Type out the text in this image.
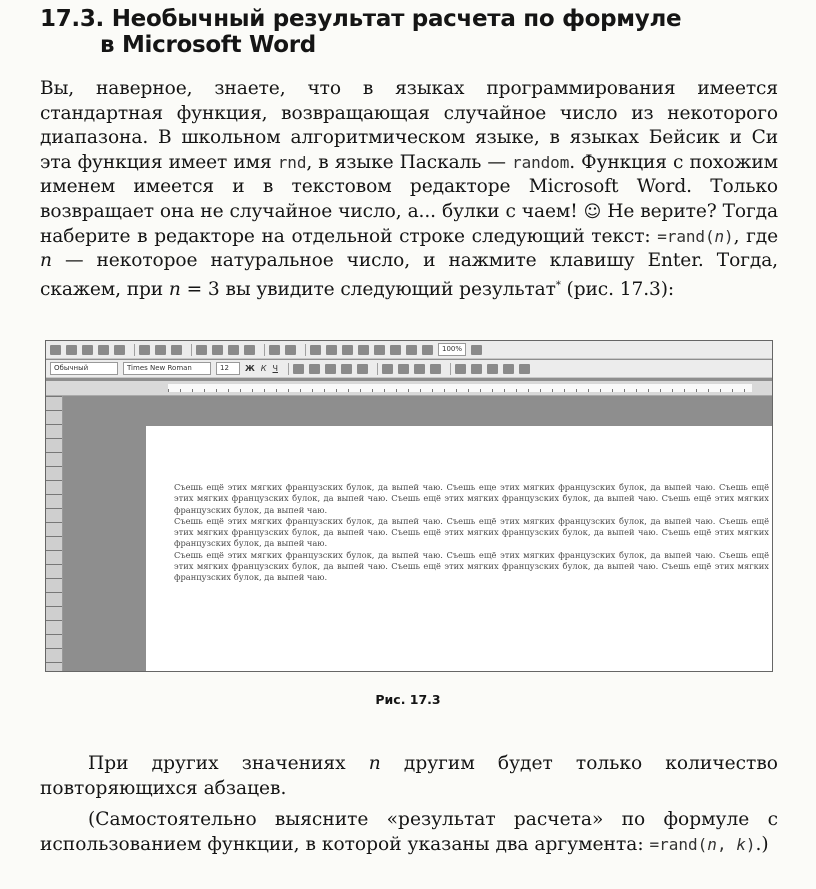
17.3. Необычный результат расчета по формуле
в Microsoft Word

Вы, наверное, знаете, что в языках программирования имеется стандартная функция, возвращающая случайное число из некоторого диапазона. В школьном алгоритмическом языке, в языках Бейсик и Си эта функция имеет имя rnd, в языке Паскаль — random. Функция с похожим именем имеется и в текстовом редакторе Microsoft Word. Только возвращает она не случайное число, а... булки с чаем! ☺ Не верите? Тогда наберите в редакторе на отдельной строке следующий текст: =rand(n), где n — некоторое натуральное число, и нажмите клавишу Enter. Тогда, скажем, при n = 3 вы увидите следующий результат* (рис. 17.3):

100%
Обычный	Times New Roman	12	Ж К Ч

Съешь ещё этих мягких французских булок, да выпей чаю. Съешь еще этих мягких французских булок, да выпей чаю. Съешь ещё этих мягких французских булок, да выпей чаю. Съешь ещё этих мягких французских булок, да выпей чаю. Съешь ещё этих мягких французских булок, да выпей чаю.

Съешь ещё этих мягких французских булок, да выпей чаю. Съешь ещё этих мягких французских булок, да выпей чаю. Съешь ещё этих мягких французских булок, да выпей чаю. Съешь ещё этих мягких французских булок, да выпей чаю. Съешь ещё этих мягких французских булок, да выпей чаю.

Съешь ещё этих мягких французских булок, да выпей чаю. Съешь ещё этих мягких французских булок, да выпей чаю. Съешь ещё этих мягких французских булок, да выпей чаю. Съешь ещё этих мягких французских булок, да выпей чаю. Съешь ещё этих мягких французских булок, да выпей чаю.

Рис. 17.3

При других значениях n другим будет только количество повторяющихся абзацев.

(Самостоятельно выясните «результат расчета» по формуле с использованием функции, в которой указаны два аргумента: =rand(n, k).)
